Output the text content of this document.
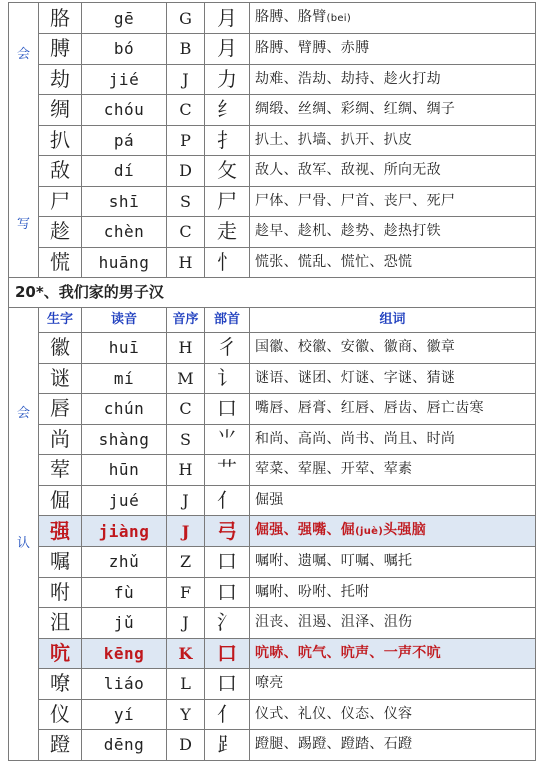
会
写	胳	gē	G	月	胳膊、胳臂(bei)
	膊	bó	B	月	胳膊、臂膊、赤膊
	劫	jié	J	力	劫难、浩劫、劫持、趁火打劫
	绸	chóu	C	纟	绸缎、丝绸、彩绸、红绸、绸子
	扒	pá	P	扌	扒土、扒墙、扒开、扒皮
	敌	dí	D	攵	敌人、敌军、敌视、所向无敌
	尸	shī	S	尸	尸体、尸骨、尸首、丧尸、死尸
	趁	chèn	C	走	趁早、趁机、趁势、趁热打铁
	慌	huāng	H	忄	慌张、慌乱、慌忙、恐慌
20*、我们家的男子汉					

会
认	生字	读音	音序	部首	组词
	徽	huī	H	彳	国徽、校徽、安徽、徽商、徽章
	谜	mí	M	讠	谜语、谜团、灯谜、字谜、猜谜
	唇	chún	C	口	嘴唇、唇膏、红唇、唇齿、唇亡齿寒
	尚	shàng	S	⺌	和尚、高尚、尚书、尚且、时尚
	荤	hūn	H	艹	荤菜、荤腥、开荤、荤素
	倔	jué	J	亻	倔强
	强	jiàng	J	弓	倔强、强嘴、倔(juè)头强脑
	嘱	zhǔ	Z	口	嘱咐、遗嘱、叮嘱、嘱托
	咐	fù	F	口	嘱咐、吩咐、托咐
	沮	jǔ	J	氵	沮丧、沮遏、沮泽、沮伤
	吭	kēng	K	口	吭哧、吭气、吭声、一声不吭
	嘹	liáo	L	口	嘹亮
	仪	yí	Y	亻	仪式、礼仪、仪态、仪容
	蹬	dēng	D	⻊	蹬腿、踢蹬、蹬踏、石蹬
